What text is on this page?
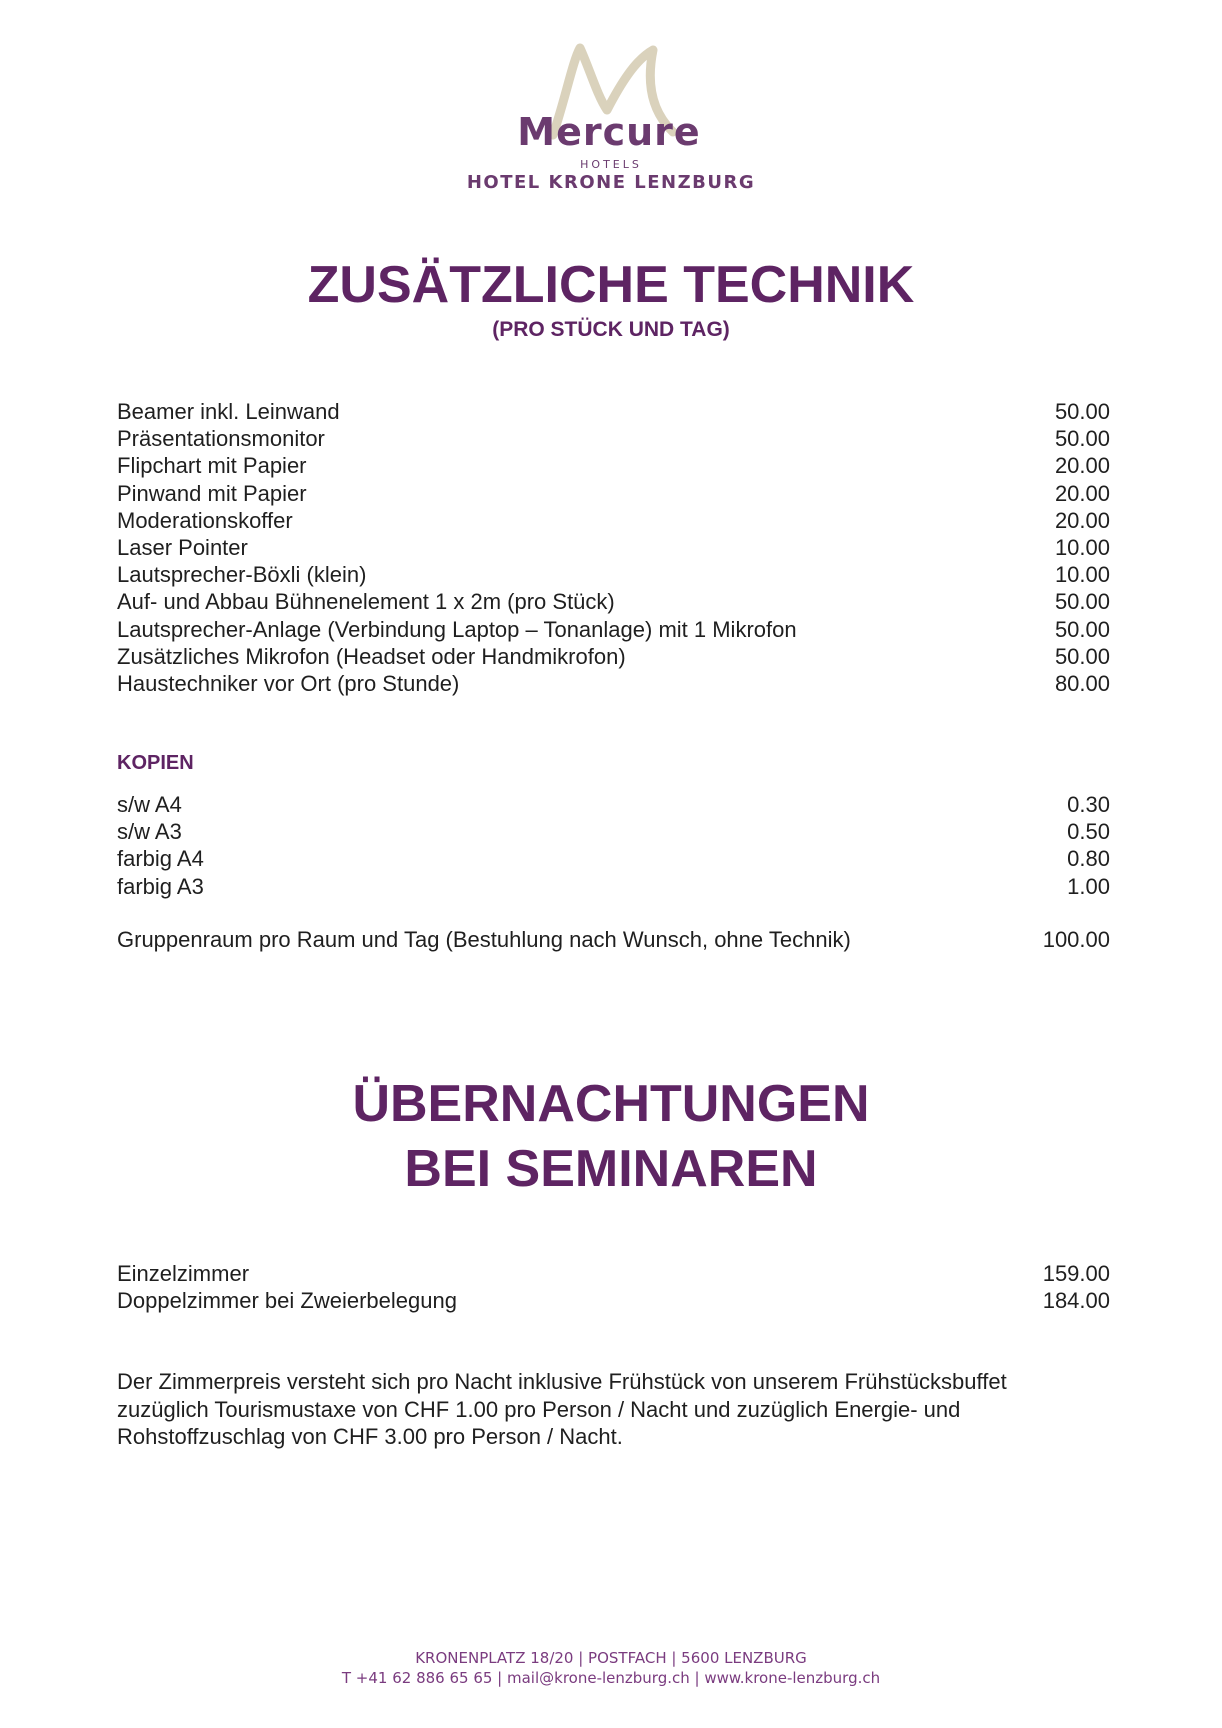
Mercure
HOTELS
HOTEL KRONE LENZBURG
ZUSÄTZLICHE TECHNIK
(PRO STÜCK UND TAG)
Beamer inkl. Leinwand	50.00
Präsentationsmonitor	50.00
Flipchart mit Papier	20.00
Pinwand mit Papier	20.00
Moderationskoffer	20.00
Laser Pointer	10.00
Lautsprecher-Böxli (klein)	10.00
Auf- und Abbau Bühnenelement 1 x 2m (pro Stück)	50.00
Lautsprecher-Anlage (Verbindung Laptop – Tonanlage) mit 1 Mikrofon	50.00
Zusätzliches Mikrofon (Headset oder Handmikrofon)	50.00
Haustechniker vor Ort (pro Stunde)	80.00
KOPIEN
s/w A4	0.30
s/w A3	0.50
farbig A4	0.80
farbig A3	1.00
Gruppenraum pro Raum und Tag (Bestuhlung nach Wunsch, ohne Technik)	100.00
ÜBERNACHTUNGEN
BEI SEMINAREN
Einzelzimmer	159.00
Doppelzimmer bei Zweierbelegung	184.00
Der Zimmerpreis versteht sich pro Nacht inklusive Frühstück von unserem Frühstücksbuffet zuzüglich Tourismustaxe von CHF 1.00 pro Person / Nacht und zuzüglich Energie- und Rohstoffzuschlag von CHF 3.00 pro Person / Nacht.
KRONENPLATZ 18/20 | POSTFACH | 5600 LENZBURG
T +41 62 886 65 65 | mail@krone-lenzburg.ch | www.krone-lenzburg.ch
